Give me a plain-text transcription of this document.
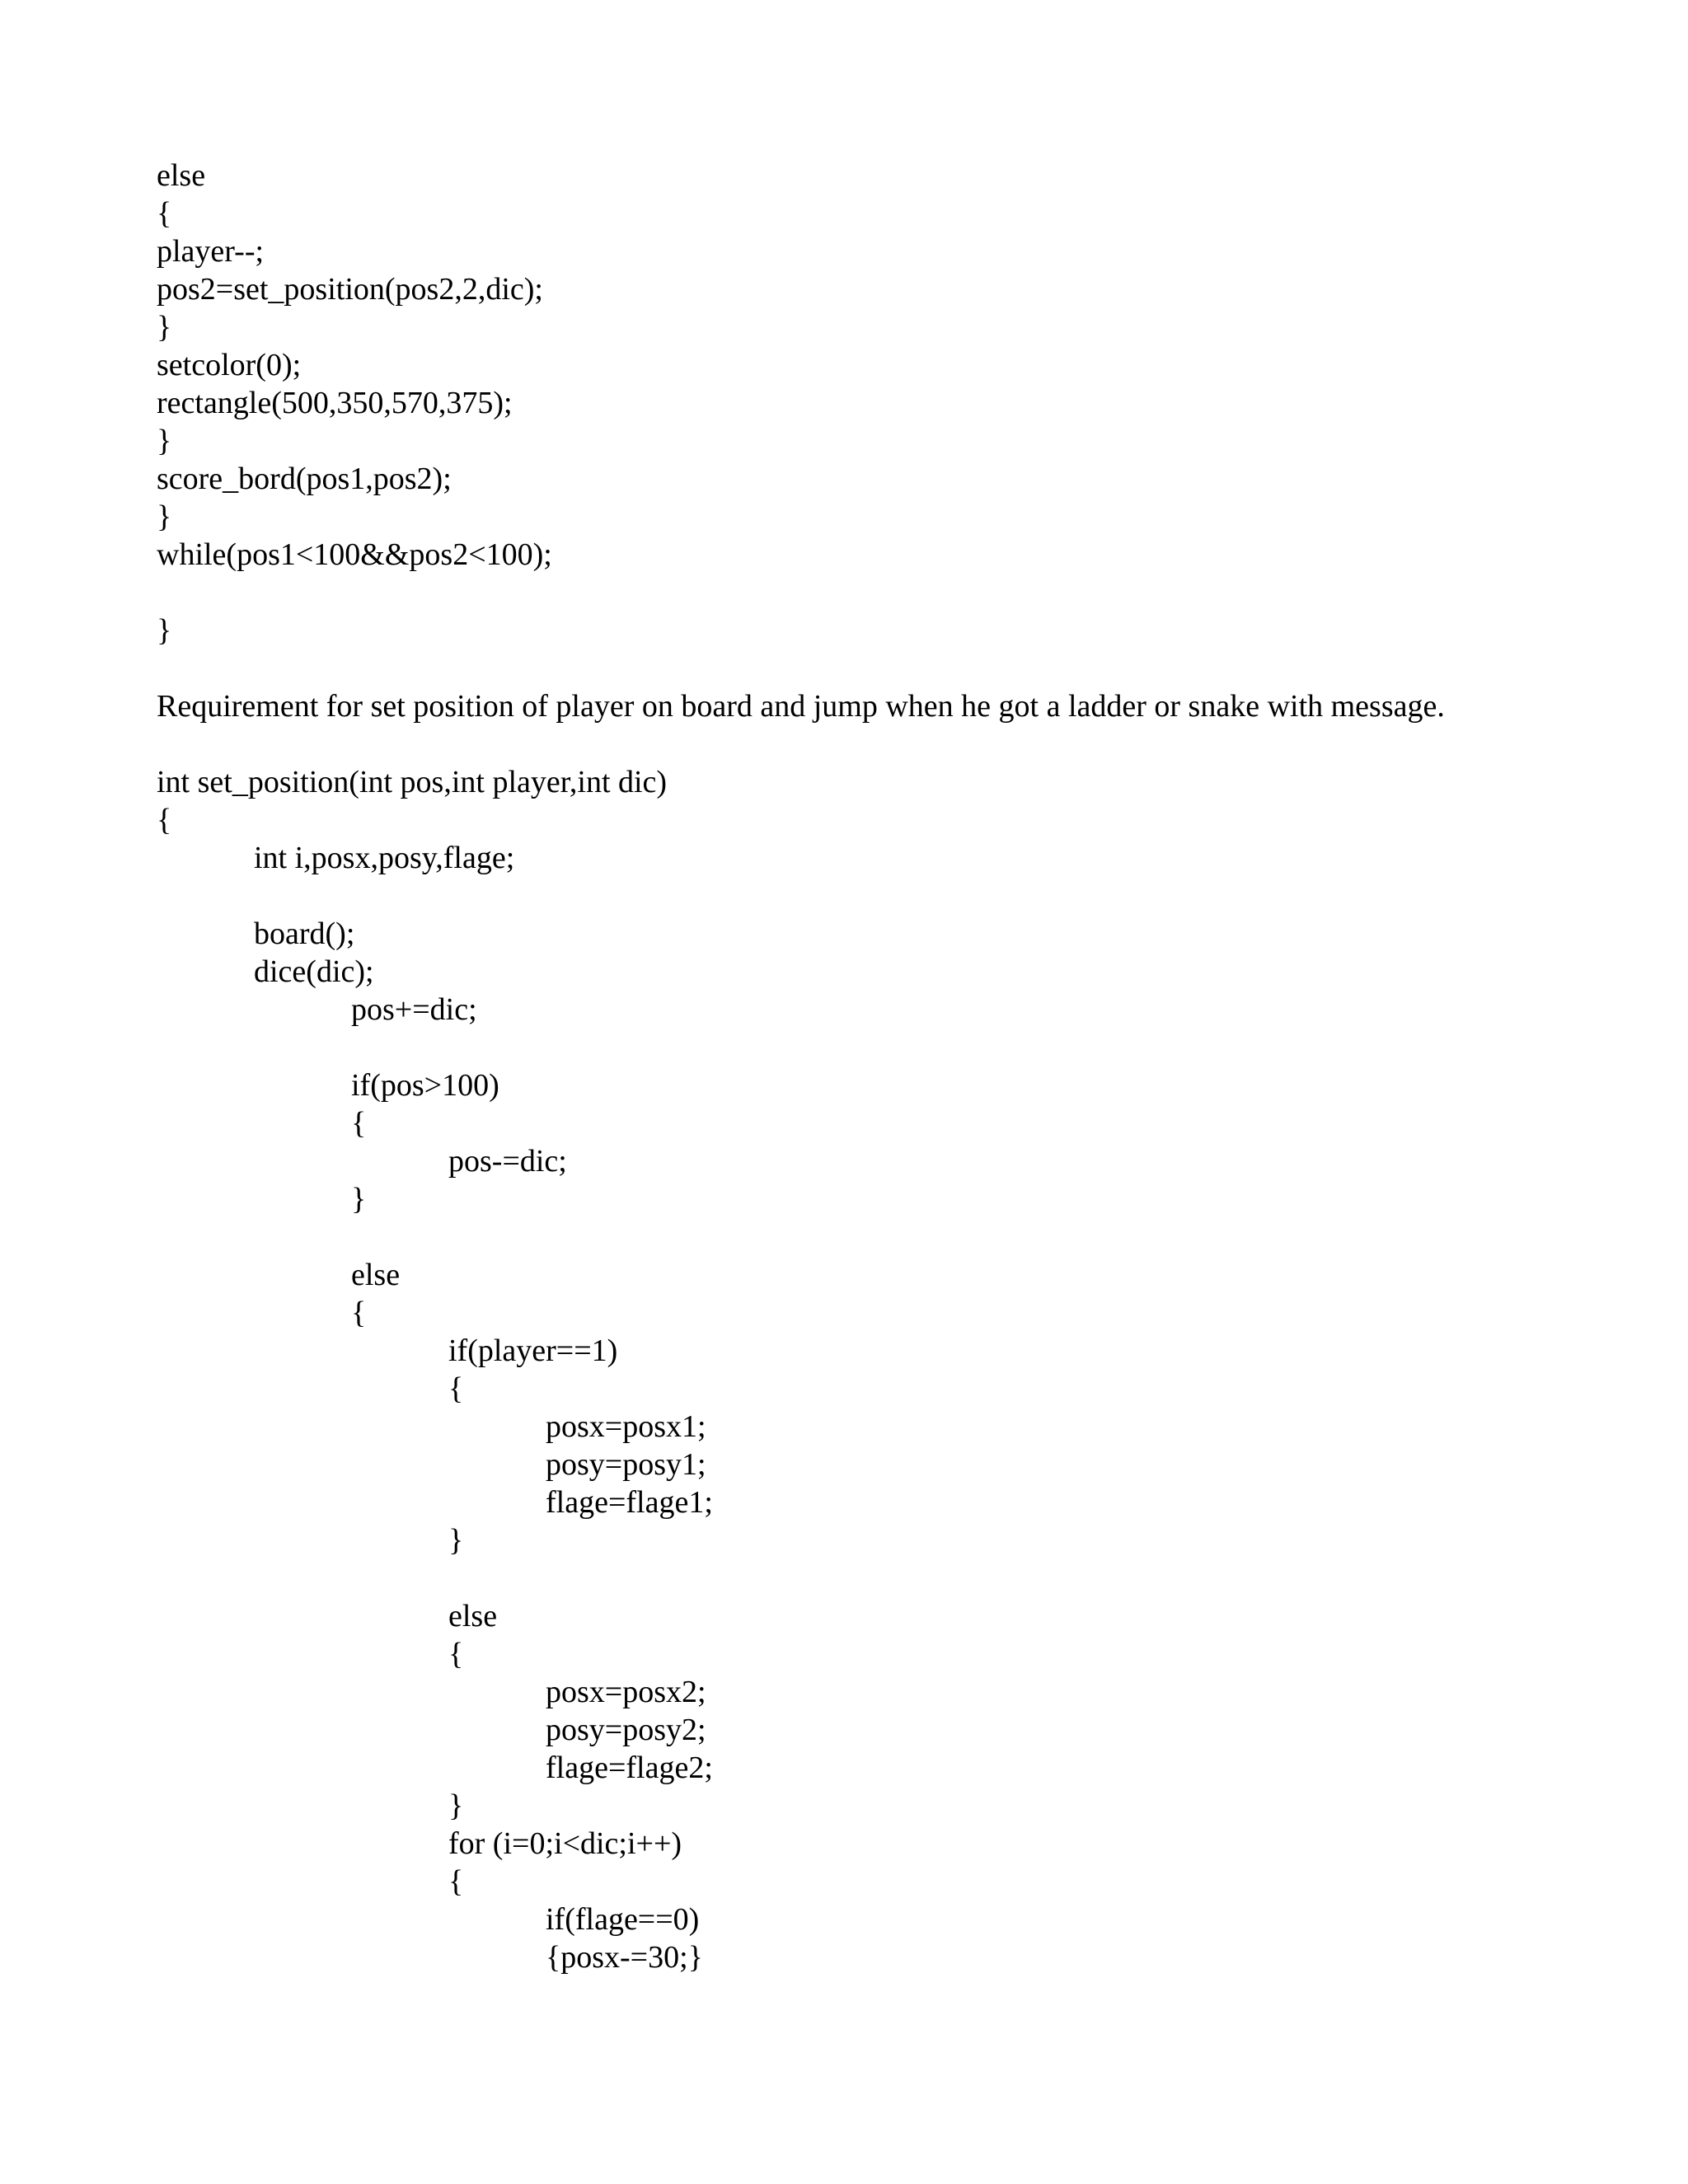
else
{
player--;
pos2=set_position(pos2,2,dic);
}
setcolor(0);
rectangle(500,350,570,375);
}
score_bord(pos1,pos2);
}
while(pos1<100&&pos2<100);
}
Requirement for set position of player on board and jump when he got a ladder or snake with message.
int set_position(int pos,int player,int dic)
{
int i,posx,posy,flage;
board();
dice(dic);
pos+=dic;
if(pos>100)
{
pos-=dic;
}
else
{
if(player==1)
{
posx=posx1;
posy=posy1;
flage=flage1;
}
else
{
posx=posx2;
posy=posy2;
flage=flage2;
}
for (i=0;i<dic;i++)
{
if(flage==0)
{posx-=30;}
